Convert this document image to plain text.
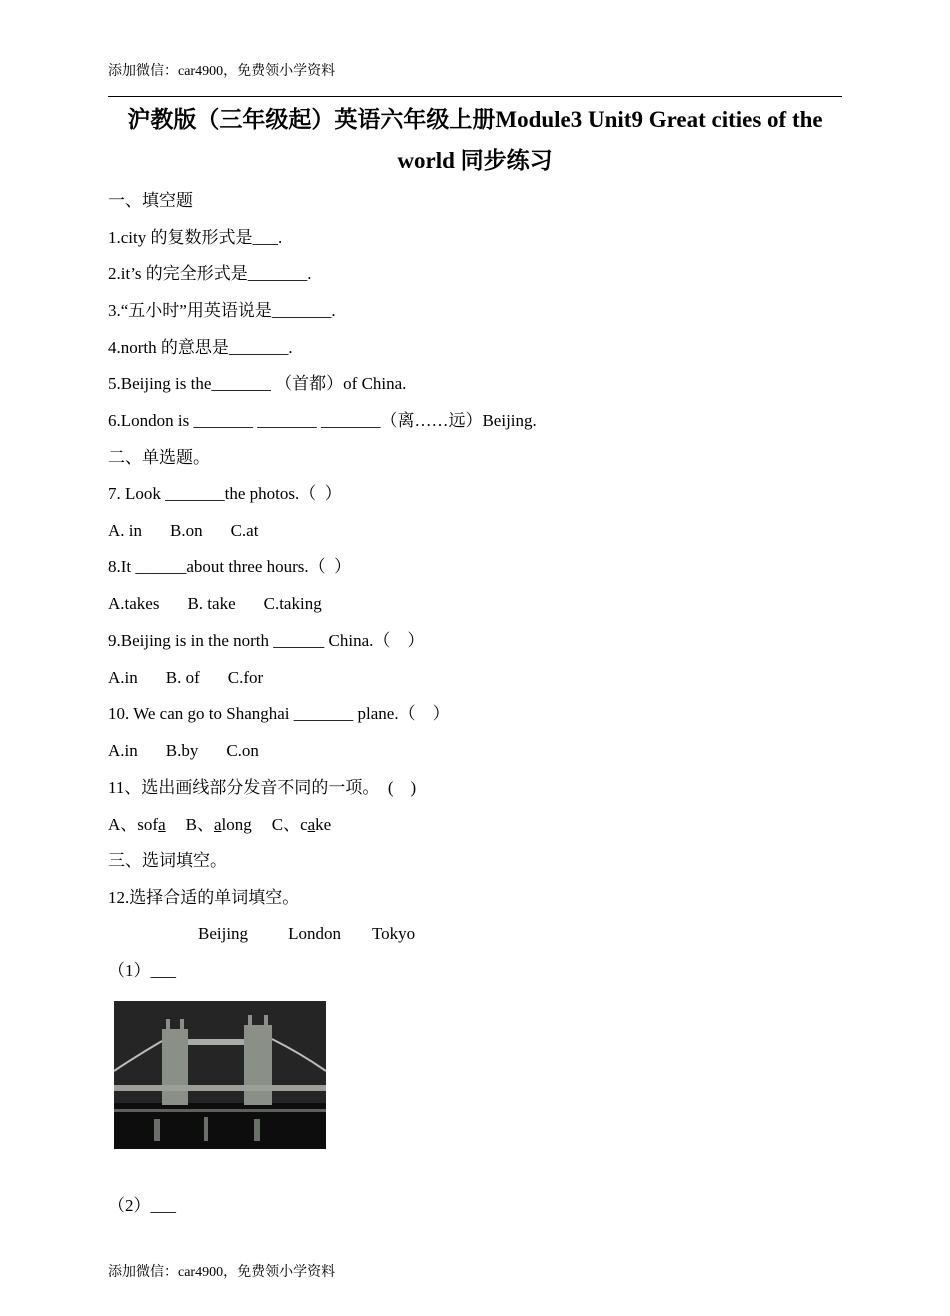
添加微信：car4900，免费领小学资料
沪教版（三年级起）英语六年级上册Module3 Unit9 Great cities of the
world 同步练习
一、填空题
1.city 的复数形式是___.
2.it’s 的完全形式是_______.
3.“五小时”用英语说是_______.
4.north 的意思是_______.
5.Beijing is the_______ （首都）of China.
6.London is _______ _______ _______（离……远）Beijing.
二、单选题。
7. Look _______the photos.（  ）
A. in B.on C.at
8.It ______about three hours.（  ）
A.takes B. take C.taking
9.Beijing is in the north ______ China.（    ）
A.in B. of C.for
10. We can go to Shanghai _______ plane.（    ）
A.in B.by C.on
11、选出画线部分发音不同的一项。  (    )
A、sofa B、along C、cake
三、选词填空。
12.选择合适的单词填空。
Beijing London Tokyo
（1）___
（2）___
添加微信：car4900，免费领小学资料
